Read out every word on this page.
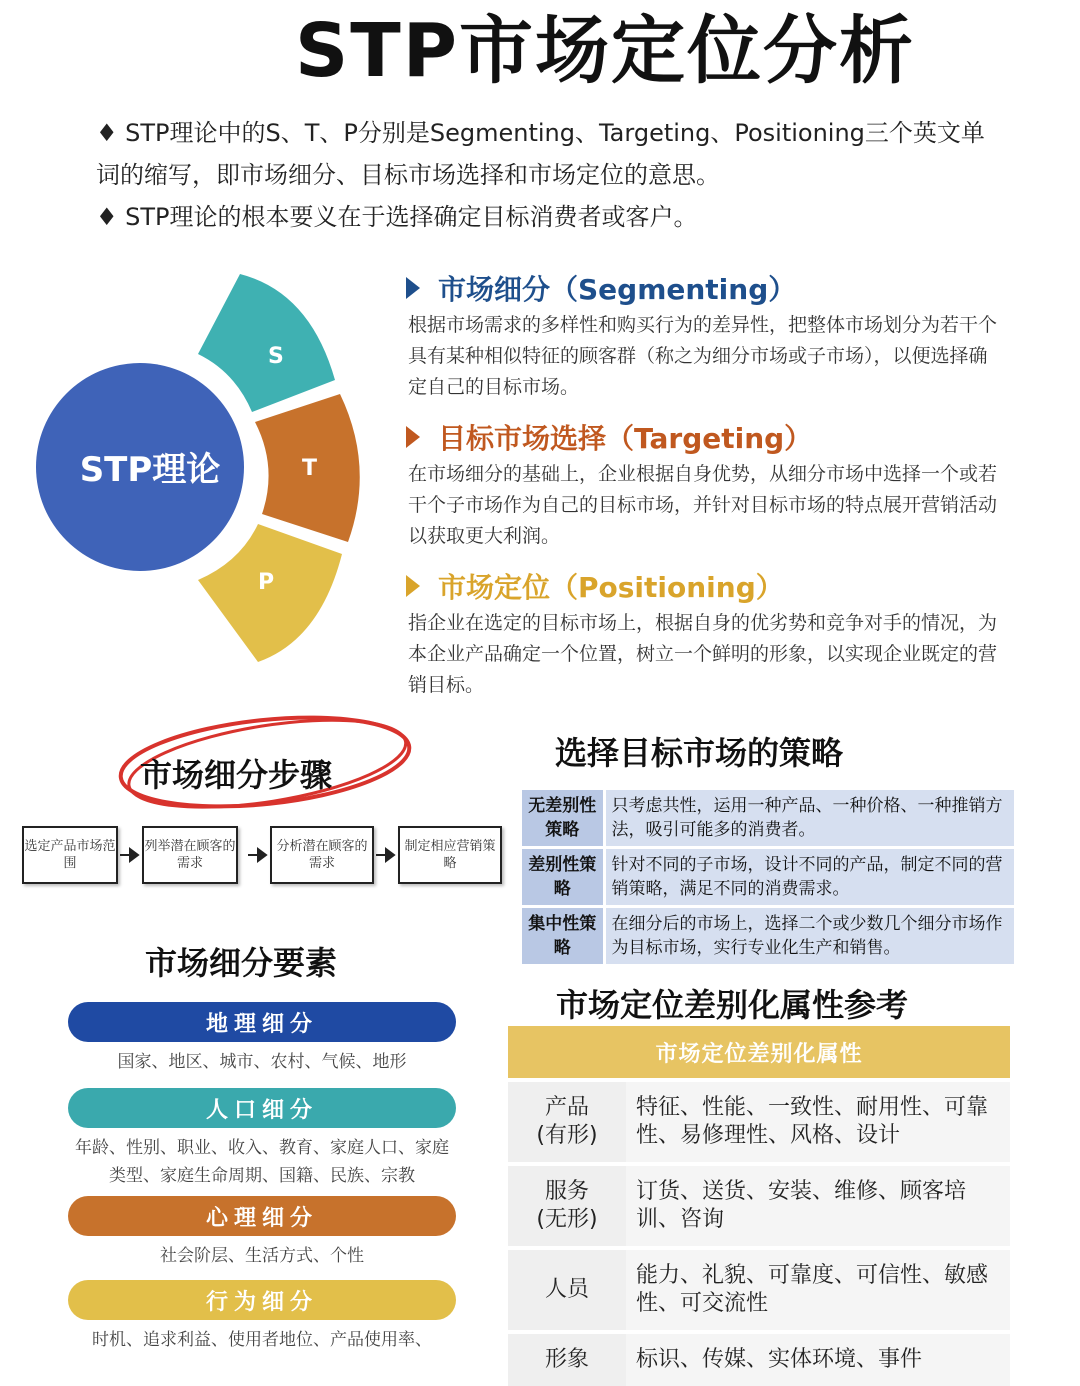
STP市场定位分析

♦ STP理论中的S、T、P分别是Segmenting、Targeting、Positioning三个英文单词的缩写，即市场细分、目标市场选择和市场定位的意思。

♦ STP理论的根本要义在于选择确定目标消费者或客户。

STP理论
S
T
P
市场细分（Segmenting）
根据市场需求的多样性和购买行为的差异性，把整体市场划分为若干个具有某种相似特征的顾客群（称之为细分市场或子市场），以便选择确定自己的目标市场。
目标市场选择（Targeting）
在市场细分的基础上，企业根据自身优势，从细分市场中选择一个或若干个子市场作为自己的目标市场，并针对目标市场的特点展开营销活动以获取更大利润。
市场定位（Positioning）
指企业在选定的目标市场上，根据自身的优劣势和竞争对手的情况，为本企业产品确定一个位置，树立一个鲜明的形象，以实现企业既定的营销目标。
市场细分步骤
选定产品市场范围
列举潜在顾客的需求
分析潜在顾客的需求
制定相应营销策略
市场细分要素
地理细分
国家、地区、城市、农村、气候、地形
人口细分
年龄、性别、职业、收入、教育、家庭人口、家庭类型、家庭生命周期、国籍、民族、宗教
心理细分
社会阶层、生活方式、个性
行为细分
时机、追求利益、使用者地位、产品使用率、
选择目标市场的策略
无差别性策略	只考虑共性，运用一种产品、一种价格、一种推销方法，吸引可能多的消费者。
差别性策略	针对不同的子市场，设计不同的产品，制定不同的营销策略，满足不同的消费需求。
集中性策略	在细分后的市场上，选择二个或少数几个细分市场作为目标市场，实行专业化生产和销售。
市场定位差别化属性参考
市场定位差别化属性	
产品
(有形)	特征、性能、一致性、耐用性、可靠性、易修理性、风格、设计
服务
(无形)	订货、送货、安装、维修、顾客培训、咨询
人员	能力、礼貌、可靠度、可信性、敏感性、可交流性
形象	标识、传媒、实体环境、事件
